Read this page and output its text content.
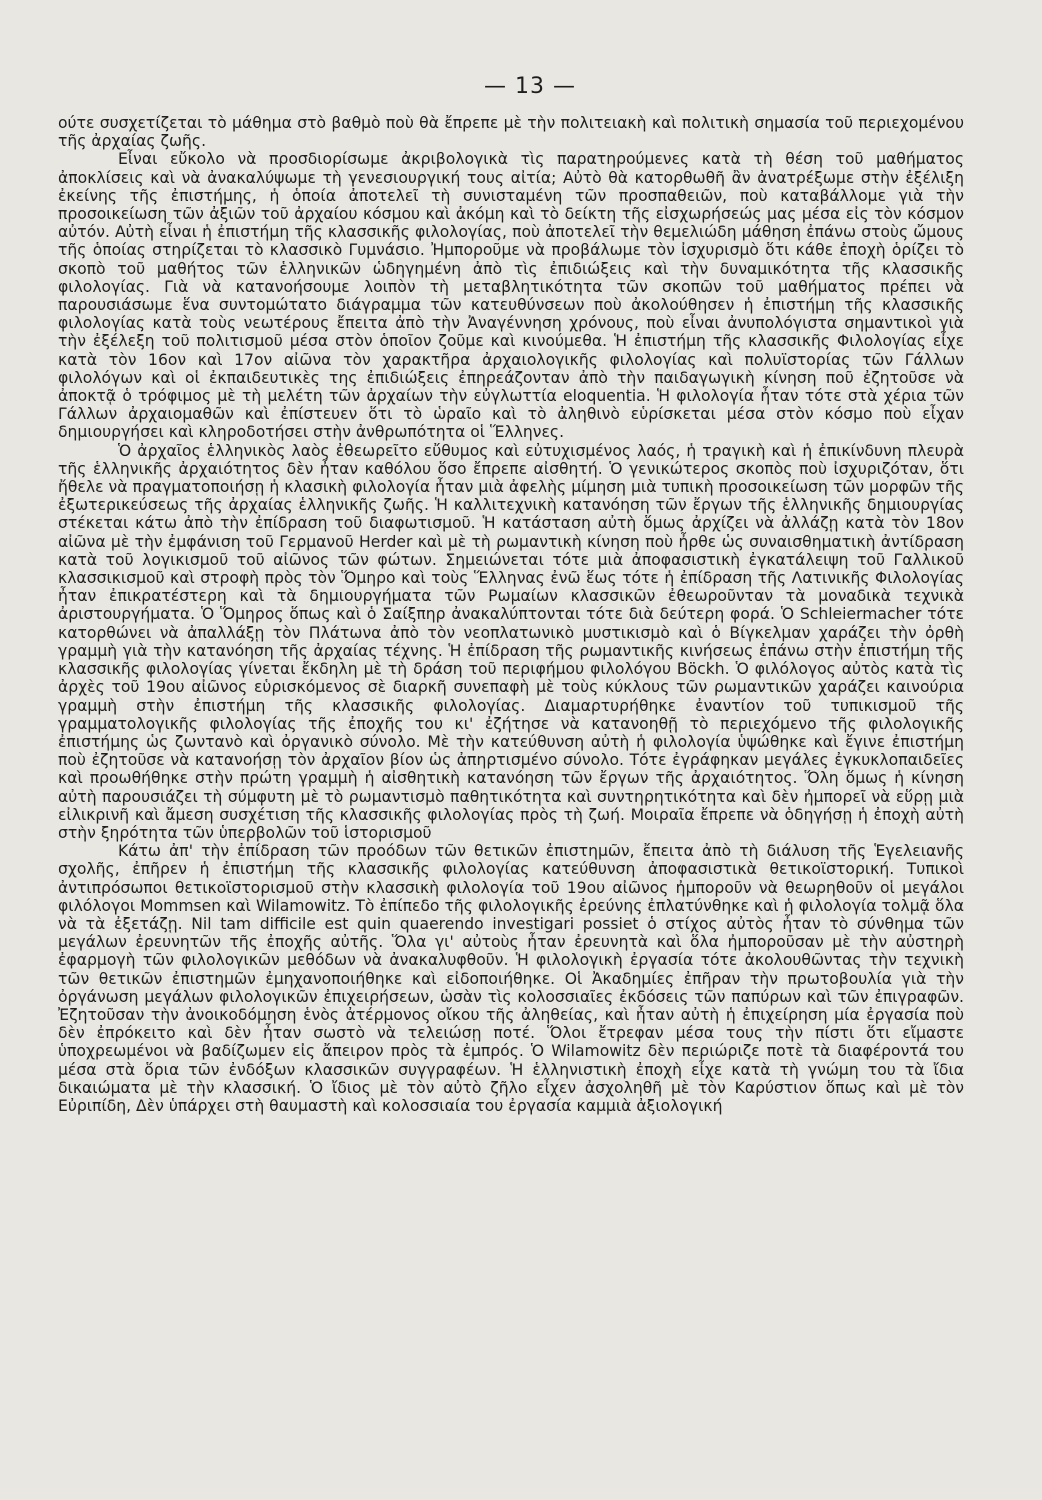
— 13 —

ούτε συσχετίζεται τὸ μάθημα στὸ βαθμὸ ποὺ θὰ ἔπρεπε μὲ τὴν πολιτειακὴ καὶ πολιτικὴ σημασία τοῦ περιεχομένου τῆς ἀρχαίας ζωῆς.

Εἶναι εὔκολο νὰ προσδιορίσωμε ἀκριβολογικὰ τὶς παρατηρούμενες κατὰ τὴ θέση τοῦ μαθήματος ἀποκλίσεις καὶ νὰ ἀνακαλύψωμε τὴ γενεσιουργική τους αἰτία; Αὐτὸ θὰ κατορθωθῆ ἂν ἀνατρέξωμε στὴν ἐξέλιξη ἐκείνης τῆς ἐπιστήμης, ἡ ὁποία ἀποτελεῖ τὴ συνισταμένη τῶν προσπαθειῶν, ποὺ καταβάλλομε γιὰ τὴν προσοικείωση τῶν ἀξιῶν τοῦ ἀρχαίου κόσμου καὶ ἀκόμη καὶ τὸ δείκτη τῆς εἰσχωρήσεώς μας μέσα εἰς τὸν κόσμον αὐτόν. Αὐτὴ εἶναι ἡ ἐπιστήμη τῆς κλασσικῆς φιλολογίας, ποὺ ἀποτελεῖ τὴν θεμελιώδη μάθηση ἐπάνω στοὺς ὤμους τῆς ὁποίας στηρίζεται τὸ κλασσικὸ Γυμνάσιο. Ἠμποροῦμε νὰ προβάλωμε τὸν ἰσχυρισμὸ ὅτι κάθε ἐποχὴ ὁρίζει τὸ σκοπὸ τοῦ μαθήτος τῶν ἑλληνικῶν ὡδηγημένη ἀπὸ τὶς ἐπιδιώξεις καὶ τὴν δυναμικότητα τῆς κλασσικῆς φιλολογίας. Γιὰ νὰ κατανοήσουμε λοιπὸν τὴ μεταβλητικότητα τῶν σκοπῶν τοῦ μαθήματος πρέπει νὰ παρουσιάσωμε ἕνα συντομώτατο διάγραμμα τῶν κατευθύνσεων ποὺ ἀκολούθησεν ἡ ἐπιστήμη τῆς κλασσικῆς φιλολογίας κατὰ τοὺς νεωτέρους ἔπειτα ἀπὸ τὴν Ἀναγέννηση χρόνους, ποὺ εἶναι ἀνυπολόγιστα σημαντικοὶ γιὰ τὴν ἐξέλεξη τοῦ πολιτισμοῦ μέσα στὸν ὁποῖον ζοῦμε καὶ κινούμεθα. Ἡ ἐπιστήμη τῆς κλασσικῆς Φιλολογίας εἶχε κατὰ τὸν 16ον καὶ 17ον αἰῶνα τὸν χαρακτῆρα ἀρχαιολογικῆς φιλολογίας καὶ πολυϊστορίας τῶν Γάλλων φιλολόγων καὶ οἱ ἐκπαιδευτικὲς της ἐπιδιώξεις ἐπηρεάζονταν ἀπὸ τὴν παιδαγωγικὴ κίνηση ποῦ ἐζητοῦσε νὰ ἀποκτᾷ ὁ τρόφιμος μὲ τὴ μελέτη τῶν ἀρχαίων τὴν εὐγλωττία eloquentia. Ἡ φιλολογία ἦταν τότε στὰ χέρια τῶν Γάλλων ἀρχαιομαθῶν καὶ ἐπίστευεν ὅτι τὸ ὡραῖο καὶ τὸ ἀληθινὸ εὑρίσκεται μέσα στὸν κόσμο ποὺ εἶχαν δημιουργήσει καὶ κληροδοτήσει στὴν ἀνθρωπότητα οἱ Ἕλληνες.

Ὁ ἀρχαῖος ἑλληνικὸς λαὸς ἐθεωρεῖτο εὔθυμος καὶ εὐτυχισμένος λαός, ἡ τραγικὴ καὶ ἡ ἐπικίνδυνη πλευρὰ τῆς ἑλληνικῆς ἀρχαιότητος δὲν ἦταν καθόλου ὅσο ἔπρεπε αἰσθητή. Ὁ γενικώτερος σκοπὸς ποὺ ἰσχυριζόταν, ὅτι ἤθελε νὰ πραγματοποιήσῃ ἡ κλασικὴ φιλολογία ἦταν μιὰ ἀφελὴς μίμηση μιὰ τυπικὴ προσοικείωση τῶν μορφῶν τῆς ἐξωτερικεύσεως τῆς ἀρχαίας ἑλληνικῆς ζωῆς. Ἡ καλλιτεχνικὴ κατανόηση τῶν ἔργων τῆς ἑλληνικῆς δημιουργίας στέκεται κάτω ἀπὸ τὴν ἐπίδραση τοῦ διαφωτισμοῦ. Ἡ κατάσταση αὐτὴ ὅμως ἀρχίζει νὰ ἀλλάζῃ κατὰ τὸν 18ον αἰῶνα μὲ τὴν ἐμφάνιση τοῦ Γερμανοῦ Herder καὶ μὲ τὴ ρωμαντικὴ κίνηση ποὺ ἦρθε ὡς συναισθηματικὴ ἀντίδραση κατὰ τοῦ λογικισμοῦ τοῦ αἰῶνος τῶν φώτων. Σημειώνεται τότε μιὰ ἀποφασιστικὴ ἐγκατάλειψη τοῦ Γαλλικοῦ κλασσικισμοῦ καὶ στροφὴ πρὸς τὸν Ὅμηρο καὶ τοὺς Ἕλληνας ἐνῶ ἕως τότε ἡ ἐπίδραση τῆς Λατινικῆς Φιλολογίας ἦταν ἐπικρατέστερη καὶ τὰ δημιουργήματα τῶν Ρωμαίων κλασσικῶν ἐθεωροῦνταν τὰ μοναδικὰ τεχνικὰ ἀριστουργήματα. Ὁ Ὅμηρος ὅπως καὶ ὁ Σαίξπηρ ἀνακαλύπτονται τότε διὰ δεύτερη φορά. Ὁ Schleiermacher τότε κατορθώνει νὰ ἀπαλλάξῃ τὸν Πλάτωνα ἀπὸ τὸν νεοπλατωνικὸ μυστικισμὸ καὶ ὁ Βίγκελμαν χαράζει τὴν ὀρθὴ γραμμὴ γιὰ τὴν κατανόηση τῆς ἀρχαίας τέχνης. Ἡ ἐπίδραση τῆς ρωμαντικῆς κινήσεως ἐπάνω στὴν ἐπιστήμη τῆς κλασσικῆς φιλολογίας γίνεται ἔκδηλη μὲ τὴ δράση τοῦ περιφήμου φιλολόγου Böckh. Ὁ φιλόλογος αὐτὸς κατὰ τὶς ἀρχὲς τοῦ 19ου αἰῶνος εὑρισκόμενος σὲ διαρκῆ συνεπαφὴ μὲ τοὺς κύκλους τῶν ρωμαντικῶν χαράζει καινούρια γραμμὴ στὴν ἐπιστήμη τῆς κλασσικῆς φιλολογίας. Διαμαρτυρήθηκε ἐναντίον τοῦ τυπικισμοῦ τῆς γραμματολογικῆς φιλολογίας τῆς ἐποχῆς του κι' ἐζήτησε νὰ κατανοηθῇ τὸ περιεχόμενο τῆς φιλολογικῆς ἐπιστήμης ὡς ζωντανὸ καὶ ὀργανικὸ σύνολο. Μὲ τὴν κατεύθυνση αὐτὴ ἡ φιλολογία ὑψώθηκε καὶ ἔγινε ἐπιστήμη ποὺ ἐζητοῦσε νὰ κατανοήσῃ τὸν ἀρχαῖον βίον ὡς ἀπηρτισμένο σύνολο. Τότε ἐγράφηκαν μεγάλες ἐγκυκλοπαιδεῖες καὶ προωθήθηκε στὴν πρώτη γραμμὴ ἡ αἰσθητικὴ κατανόηση τῶν ἔργων τῆς ἀρχαιότητος. Ὅλη ὅμως ἡ κίνηση αὐτὴ παρουσιάζει τὴ σύμφυτη μὲ τὸ ρωμαντισμὸ παθητικότητα καὶ συντηρητικότητα καὶ δὲν ἠμπορεῖ νὰ εὕρῃ μιὰ εἰλικρινῆ καὶ ἄμεση συσχέτιση τῆς κλασσικῆς φιλολογίας πρὸς τὴ ζωή. Μοιραῖα ἔπρεπε νὰ ὁδηγήσῃ ἡ ἐποχὴ αὐτὴ στὴν ξηρότητα τῶν ὑπερβολῶν τοῦ ἱστορισμοῦ

Κάτω ἀπ' τὴν ἐπίδραση τῶν προόδων τῶν θετικῶν ἐπιστημῶν, ἔπειτα ἀπὸ τὴ διάλυση τῆς Ἑγελειανῆς σχολῆς, ἐπῆρεν ἡ ἐπιστήμη τῆς κλασσικῆς φιλολογίας κατεύθυνση ἀποφασιστικὰ θετικοϊστορική. Τυπικοὶ ἀντιπρόσωποι θετικοϊστορισμοῦ στὴν κλασσικὴ φιλολογία τοῦ 19ου αἰῶνος ἠμποροῦν νὰ θεωρηθοῦν οἱ μεγάλοι φιλόλογοι Mommsen καὶ Wilamowitz. Τὸ ἐπίπεδο τῆς φιλολογικῆς ἐρεύνης ἐπλατύνθηκε καὶ ἡ φιλολογία τολμᾷ ὅλα νὰ τὰ ἐξετάζῃ. Nil tam difficile est quin quaerendo investigari possiet ὁ στίχος αὐτὸς ἦταν τὸ σύνθημα τῶν μεγάλων ἐρευνητῶν τῆς ἐποχῆς αὐτῆς. Ὅλα γι' αὐτοὺς ἦταν ἐρευνητὰ καὶ ὅλα ἠμποροῦσαν μὲ τὴν αὐστηρὴ ἐφαρμογὴ τῶν φιλολογικῶν μεθόδων νὰ ἀνακαλυφθοῦν. Ἡ φιλολογικὴ ἐργασία τότε ἀκολουθῶντας τὴν τεχνικὴ τῶν θετικῶν ἐπιστημῶν ἐμηχανοποιήθηκε καὶ εἰδοποιήθηκε. Οἱ Ἀκαδημίες ἐπῆραν τὴν πρωτοβουλία γιὰ τὴν ὀργάνωση μεγάλων φιλολογικῶν ἐπιχειρήσεων, ὡσὰν τὶς κολοσσιαῖες ἐκδόσεις τῶν παπύρων καὶ τῶν ἐπιγραφῶν. Ἐζητοῦσαν τὴν ἀνοικοδόμηση ἑνὸς ἀτέρμονος οἴκου τῆς ἀληθείας, καὶ ἦταν αὐτὴ ἡ ἐπιχείρηση μία ἐργασία ποὺ δὲν ἐπρόκειτο καὶ δὲν ἦταν σωστὸ νὰ τελειώσῃ ποτέ. Ὅλοι ἔτρεφαν μέσα τους τὴν πίστι ὅτι εἴμαστε ὑποχρεωμένοι νὰ βαδίζωμεν εἰς ἄπειρον πρὸς τὰ ἐμπρός. Ὁ Wilamowitz δὲν περιώριζε ποτὲ τὰ διαφέροντά του μέσα στὰ ὅρια τῶν ἐνδόξων κλασσικῶν συγγραφέων. Ἡ ἑλληνιστικὴ ἐποχὴ εἶχε κατὰ τὴ γνώμη του τὰ ἴδια δικαιώματα μὲ τὴν κλασσική. Ὁ ἴδιος μὲ τὸν αὐτὸ ζῆλο εἶχεν ἀσχοληθῆ μὲ τὸν Καρύστιον ὅπως καὶ μὲ τὸν Εὐριπίδη, Δὲν ὑπάρχει στὴ θαυμαστὴ καὶ κολοσσιαία του ἐργασία καμμιὰ ἀξιολογική
